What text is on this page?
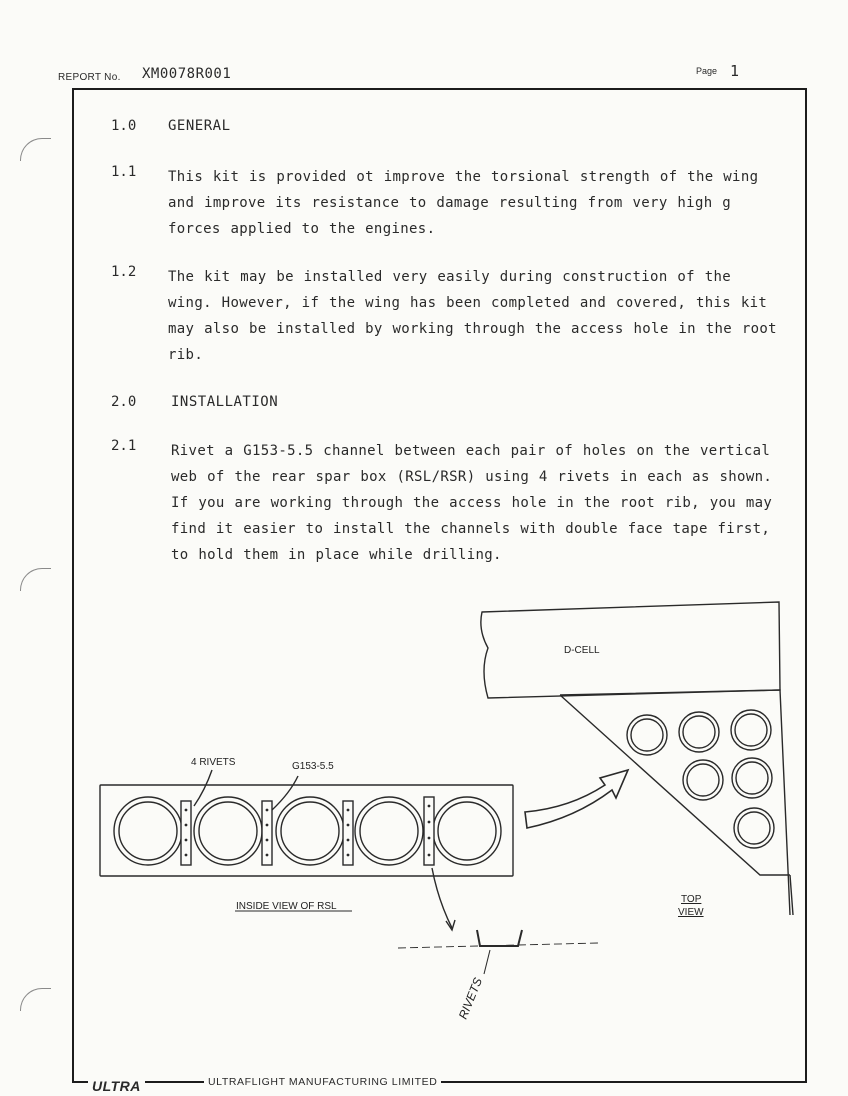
REPORT No. XM0078R001	Page 1
1.0 GENERAL
1.1 This kit is provided ot improve the torsional strength of the wing and improve its resistance to damage resulting from very high g forces applied to the engines.
1.2 The kit may be installed very easily during construction of the wing. However, if the wing has been completed and covered, this kit may also be installed by working through the access hole in the root rib.
2.0 INSTALLATION
2.1 Rivet a G153-5.5 channel between each pair of holes on the vertical web of the rear spar box (RSL/RSR) using 4 rivets in each as shown. If you are working through the access hole in the root rib, you may find it easier to install the channels with double face tape first, to hold them in place while drilling.
D-CELL
4 RIVETS	G153-5.5
INSIDE VIEW OF RSL
TOP
VIEW
RIVETS
ULTRA	ULTRAFLIGHT MANUFACTURING LIMITED
